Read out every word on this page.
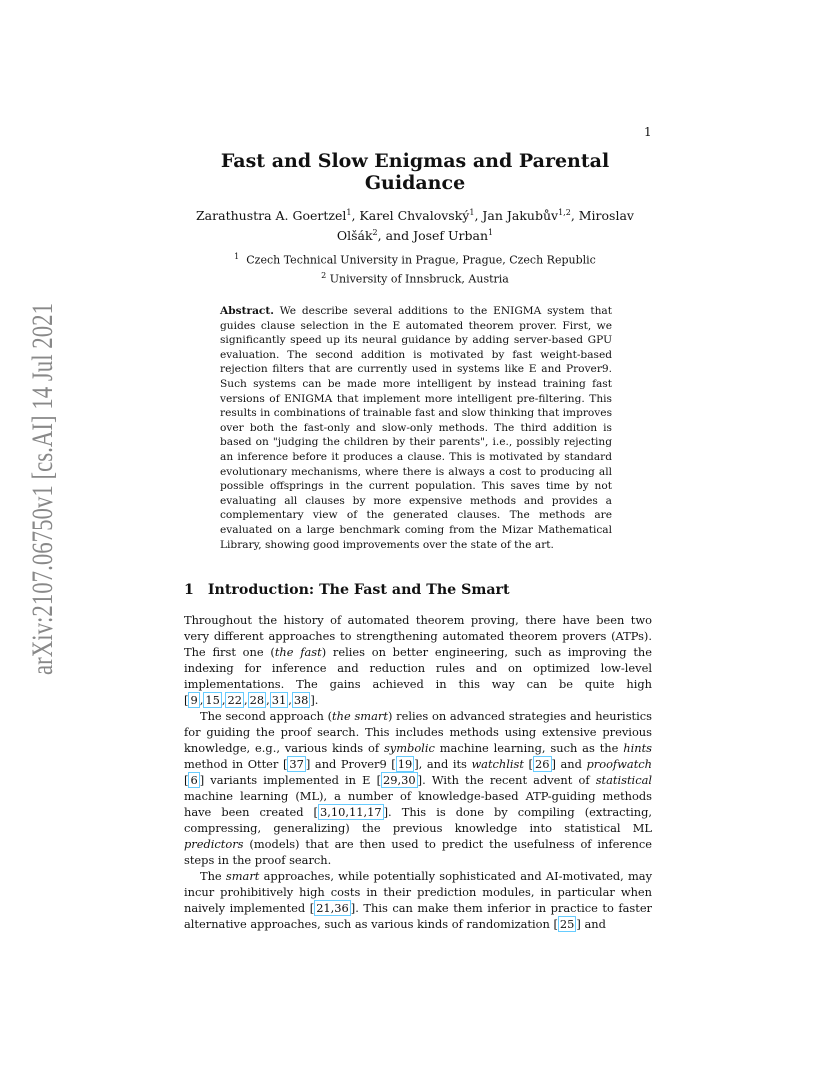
1
arXiv:2107.06750v1 [cs.AI] 14 Jul 2021
Fast and Slow Enigmas and Parental Guidance
Zarathustra A. Goertzel$^1$, Karel Chvalovský$^1$, Jan Jakubův$^{1,2}$, Miroslav
Olšák$^2$, and Josef Urban$^1$
$^1$ Czech Technical University in Prague, Prague, Czech Republic
$^2$ University of Innsbruck, Austria
Abstract. We describe several additions to the ENIGMA system that guides clause selection in the E automated theorem prover. First, we significantly speed up its neural guidance by adding server-based GPU evaluation. The second addition is motivated by fast weight-based rejection filters that are currently used in systems like E and Prover9. Such systems can be made more intelligent by instead training fast versions of ENIGMA that implement more intelligent pre-filtering. This results in combinations of trainable fast and slow thinking that improves over both the fast-only and slow-only methods. The third addition is based on "judging the children by their parents", i.e., possibly rejecting an inference before it produces a clause. This is motivated by standard evolutionary mechanisms, where there is always a cost to producing all possible offsprings in the current population. This saves time by not evaluating all clauses by more expensive methods and provides a complementary view of the generated clauses. The methods are evaluated on a large benchmark coming from the Mizar Mathematical Library, showing good improvements over the state of the art.
1 Introduction: The Fast and The Smart

Throughout the history of automated theorem proving, there have been two very different approaches to strengthening automated theorem provers (ATPs). The first one (the fast) relies on better engineering, such as improving the indexing for inference and reduction rules and on optimized low-level implementations. The gains achieved in this way can be quite high [ 9 , 15 , 22 , 28 , 31 , 38 ].

The second approach (the smart) relies on advanced strategies and heuristics for guiding the proof search. This includes methods using extensive previous knowledge, e.g., various kinds of symbolic machine learning, such as the hints method in Otter [ 37 ] and Prover9 [ 19 ], and its watchlist [ 26 ] and proofwatch [ 6 ] variants implemented in E [ 29,30 ]. With the recent advent of statistical machine learning (ML), a number of knowledge-based ATP-guiding methods have been created [ 3,10,11,17 ]. This is done by compiling (extracting, compressing, generalizing) the previous knowledge into statistical ML predictors (models) that are then used to predict the usefulness of inference steps in the proof search.

The smart approaches, while potentially sophisticated and AI-motivated, may incur prohibitively high costs in their prediction modules, in particular when naively implemented [ 21,36 ]. This can make them inferior in practice to faster alternative approaches, such as various kinds of randomization [ 25 ] and
